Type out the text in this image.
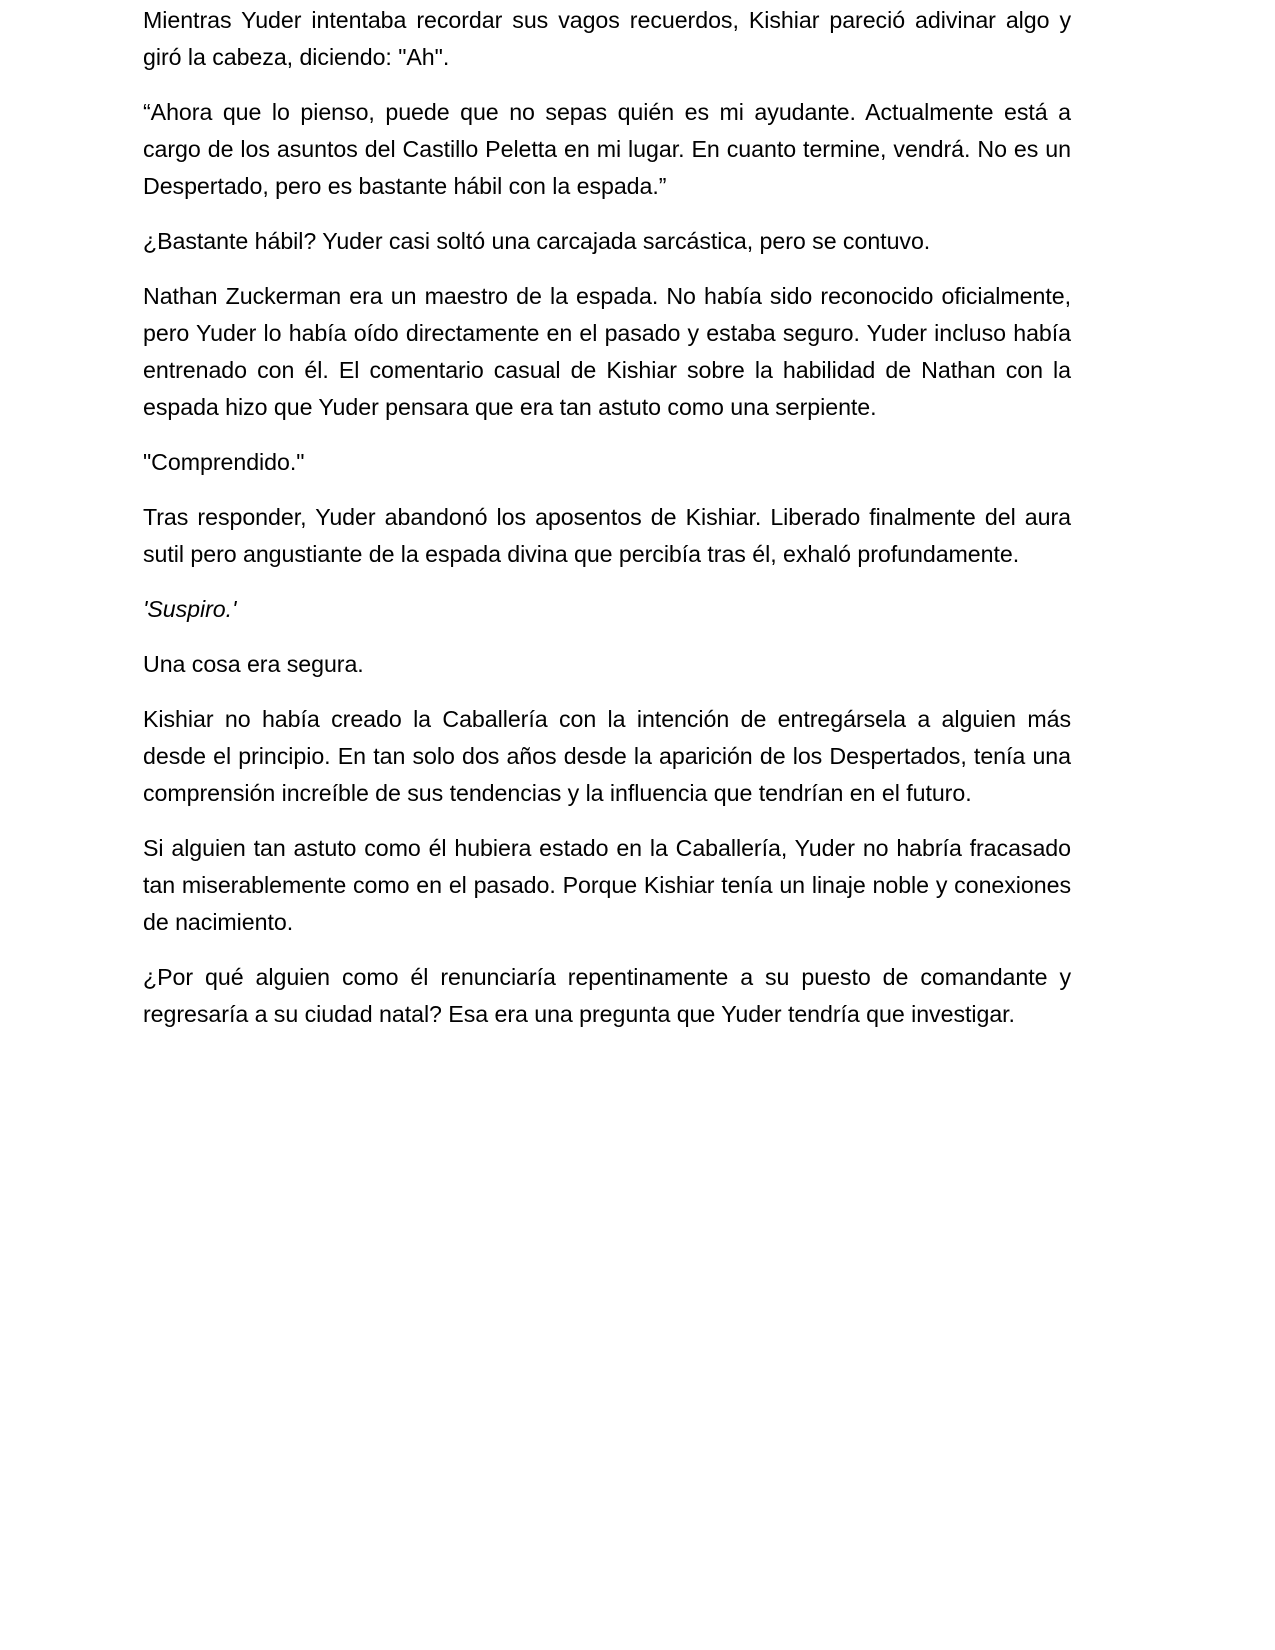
Mientras Yuder intentaba recordar sus vagos recuerdos, Kishiar pareció adivinar algo y giró la cabeza, diciendo: "Ah".

“Ahora que lo pienso, puede que no sepas quién es mi ayudante. Actualmente está a cargo de los asuntos del Castillo Peletta en mi lugar. En cuanto termine, vendrá. No es un Despertado, pero es bastante hábil con la espada.”

¿Bastante hábil? Yuder casi soltó una carcajada sarcástica, pero se contuvo.

Nathan Zuckerman era un maestro de la espada. No había sido reconocido oficialmente, pero Yuder lo había oído directamente en el pasado y estaba seguro. Yuder incluso había entrenado con él. El comentario casual de Kishiar sobre la habilidad de Nathan con la espada hizo que Yuder pensara que era tan astuto como una serpiente.

"Comprendido."

Tras responder, Yuder abandonó los aposentos de Kishiar. Liberado finalmente del aura sutil pero angustiante de la espada divina que percibía tras él, exhaló profundamente.

'Suspiro.'

Una cosa era segura.

Kishiar no había creado la Caballería con la intención de entregársela a alguien más desde el principio. En tan solo dos años desde la aparición de los Despertados, tenía una comprensión increíble de sus tendencias y la influencia que tendrían en el futuro.

Si alguien tan astuto como él hubiera estado en la Caballería, Yuder no habría fracasado tan miserablemente como en el pasado. Porque Kishiar tenía un linaje noble y conexiones de nacimiento.

¿Por qué alguien como él renunciaría repentinamente a su puesto de comandante y regresaría a su ciudad natal? Esa era una pregunta que Yuder tendría que investigar.
